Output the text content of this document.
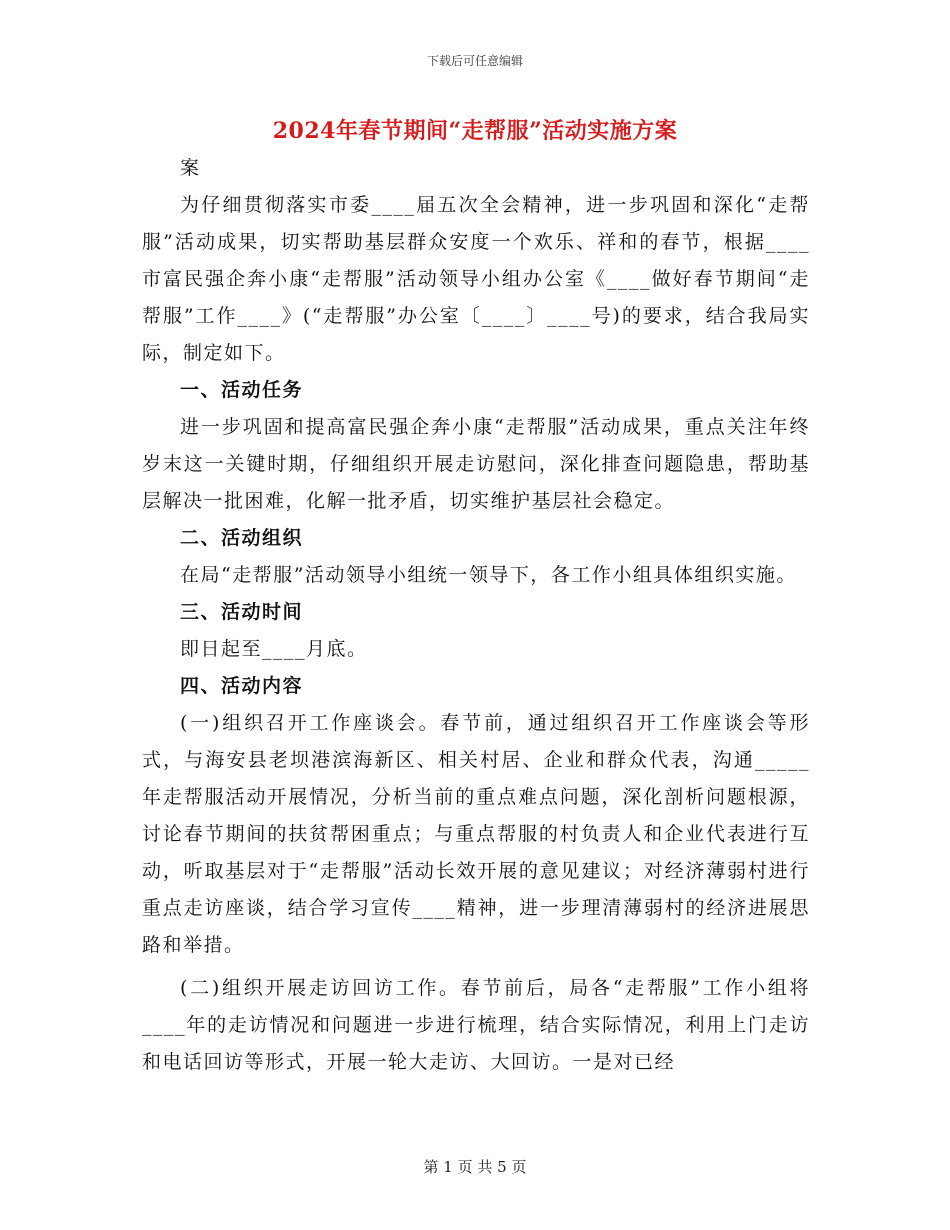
下载后可任意编辑
2024年春节期间“走帮服”活动实施方案

案

为仔细贯彻落实市委____届五次全会精神，进一步巩固和深化“走帮服”活动成果，切实帮助基层群众安度一个欢乐、祥和的春节，根据____市富民强企奔小康“走帮服”活动领导小组办公室《____做好春节期间“走帮服”工作____》(“走帮服”办公室〔____〕____号)的要求，结合我局实际，制定如下。

一、活动任务

进一步巩固和提高富民强企奔小康“走帮服”活动成果，重点关注年终岁末这一关键时期，仔细组织开展走访慰问，深化排查问题隐患，帮助基层解决一批困难，化解一批矛盾，切实维护基层社会稳定。

二、活动组织

在局“走帮服”活动领导小组统一领导下，各工作小组具体组织实施。

三、活动时间

即日起至____月底。

四、活动内容

(一)组织召开工作座谈会。春节前，通过组织召开工作座谈会等形式，与海安县老坝港滨海新区、相关村居、企业和群众代表，沟通_____年走帮服活动开展情况，分析当前的重点难点问题，深化剖析问题根源，讨论春节期间的扶贫帮困重点；与重点帮服的村负责人和企业代表进行互动，听取基层对于“走帮服”活动长效开展的意见建议；对经济薄弱村进行重点走访座谈，结合学习宣传____精神，进一步理清薄弱村的经济进展思路和举措。

(二)组织开展走访回访工作。春节前后，局各“走帮服”工作小组将____年的走访情况和问题进一步进行梳理，结合实际情况，利用上门走访和电话回访等形式，开展一轮大走访、大回访。一是对已经

第 1 页 共 5 页
